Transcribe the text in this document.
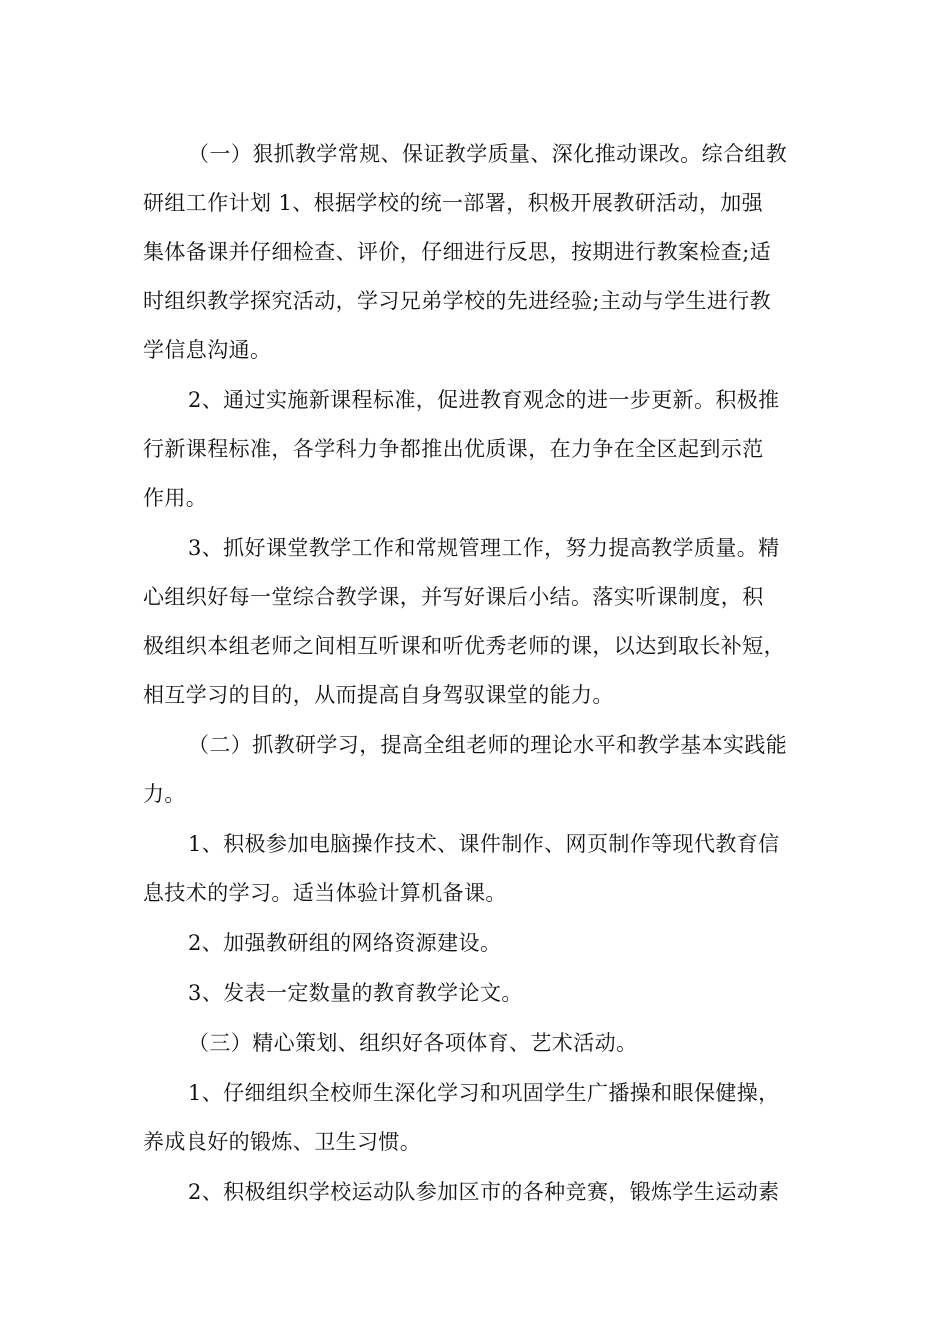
（一）狠抓教学常规、保证教学质量、深化推动课改。综合组教
研组工作计划 1、根据学校的统一部署，积极开展教研活动，加强
集体备课并仔细检查、评价，仔细进行反思，按期进行教案检查;适
时组织教学探究活动，学习兄弟学校的先进经验;主动与学生进行教
学信息沟通。
2、通过实施新课程标准，促进教育观念的进一步更新。积极推
行新课程标准，各学科力争都推出优质课，在力争在全区起到示范
作用。
3、抓好课堂教学工作和常规管理工作，努力提高教学质量。精
心组织好每一堂综合教学课，并写好课后小结。落实听课制度，积
极组织本组老师之间相互听课和听优秀老师的课，以达到取长补短，
相互学习的目的，从而提高自身驾驭课堂的能力。
（二）抓教研学习，提高全组老师的理论水平和教学基本实践能
力。
1、积极参加电脑操作技术、课件制作、网页制作等现代教育信
息技术的学习。适当体验计算机备课。
2、加强教研组的网络资源建设。
3、发表一定数量的教育教学论文。
（三）精心策划、组织好各项体育、艺术活动。
1、仔细组织全校师生深化学习和巩固学生广播操和眼保健操，
养成良好的锻炼、卫生习惯。
2、积极组织学校运动队参加区市的各种竞赛，锻炼学生运动素
